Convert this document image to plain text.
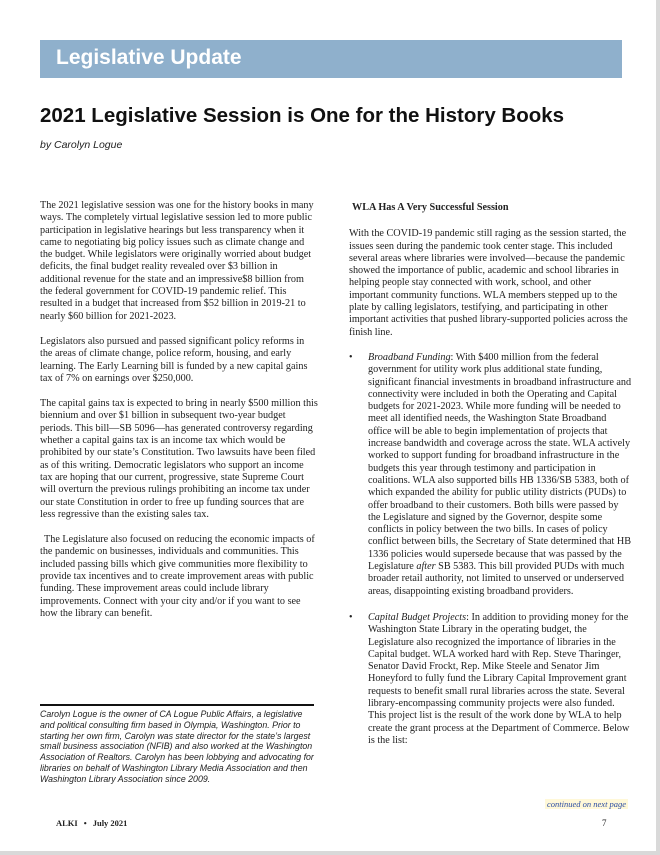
Legislative Update
2021 Legislative Session is One for the History Books
by Carolyn Logue

The 2021 legislative session was one for the history books in many ways. The completely virtual legislative session led to more public participation in legislative hearings but less transparency when it came to negotiating big policy issues such as climate change and the budget. While legislators were originally worried about budget deficits, the final budget reality revealed over $3 billion in additional revenue for the state and an impressive$8 billion from the federal government for COVID-19 pandemic relief. This resulted in a budget that increased from $52 billion in 2019-21 to nearly $60 billion for 2021-2023.

Legislators also pursued and passed significant policy reforms in the areas of climate change, police reform, housing, and early learning. The Early Learning bill is funded by a new capital gains tax of 7% on earnings over $250,000.

The capital gains tax is expected to bring in nearly $500 million this biennium and over $1 billion in subsequent two-year budget periods. This bill—SB 5096—has generated controversy regarding whether a capital gains tax is an income tax which would be prohibited by our state’s Constitution. Two lawsuits have been filed as of this writing. Democratic legislators who support an income tax are hoping that our current, progressive, state Supreme Court will overturn the previous rulings prohibiting an income tax under our state Constitution in order to free up funding sources that are less regressive than the existing sales tax.

The Legislature also focused on reducing the economic impacts of the pandemic on businesses, individuals and communities. This included passing bills which give communities more flexibility to provide tax incentives and to create improvement areas with public funding. These improvement areas could include library improvements. Connect with your city and/or if you want to see how the library can benefit.

Carolyn Logue is the owner of CA Logue Public Affairs, a legislative and political consulting firm based in Olympia, Washington. Prior to starting her own firm, Carolyn was state director for the state’s largest small business association (NFIB) and also worked at the Washington Association of Realtors. Carolyn has been lobbying and advocating for libraries on behalf of Washington Library Media Association and then Washington Library Association since 2009.
WLA Has A Very Successful Session

With the COVID-19 pandemic still raging as the session started, the issues seen during the pandemic took center stage. This included several areas where libraries were involved—because the pandemic showed the importance of public, academic and school libraries in helping people stay connected with work, school, and other important community functions. WLA members stepped up to the plate by calling legislators, testifying, and participating in other important activities that pushed library-supported policies across the finish line.

• Broadband Funding: With $400 million from the federal government for utility work plus additional state funding, significant financial investments in broadband infrastructure and connectivity were included in both the Operating and Capital budgets for 2021-2023. While more funding will be needed to meet all identified needs, the Washington State Broadband office will be able to begin implementation of projects that increase bandwidth and coverage across the state. WLA actively worked to support funding for broadband infrastructure in the budgets this year through testimony and participation in coalitions. WLA also supported bills HB 1336/SB 5383, both of which expanded the ability for public utility districts (PUDs) to offer broadband to their customers. Both bills were passed by the Legislature and signed by the Governor, despite some conflicts in policy between the two bills. In cases of policy conflict between bills, the Secretary of State determined that HB 1336 policies would supersede because that was passed by the Legislature after SB 5383. This bill provided PUDs with much broader retail authority, not limited to unserved or underserved areas, disappointing existing broadband providers.
• Capital Budget Projects: In addition to providing money for the Washington State Library in the operating budget, the Legislature also recognized the importance of libraries in the Capital budget. WLA worked hard with Rep. Steve Tharinger, Senator David Frockt, Rep. Mike Steele and Senator Jim Honeyford to fully fund the Library Capital Improvement grant requests to benefit small rural libraries across the state. Several library-encompassing community projects were also funded. This project list is the result of the work done by WLA to help create the grant process at the Department of Commerce. Below is the list:
continued on next page
ALKI • July 2021	7
